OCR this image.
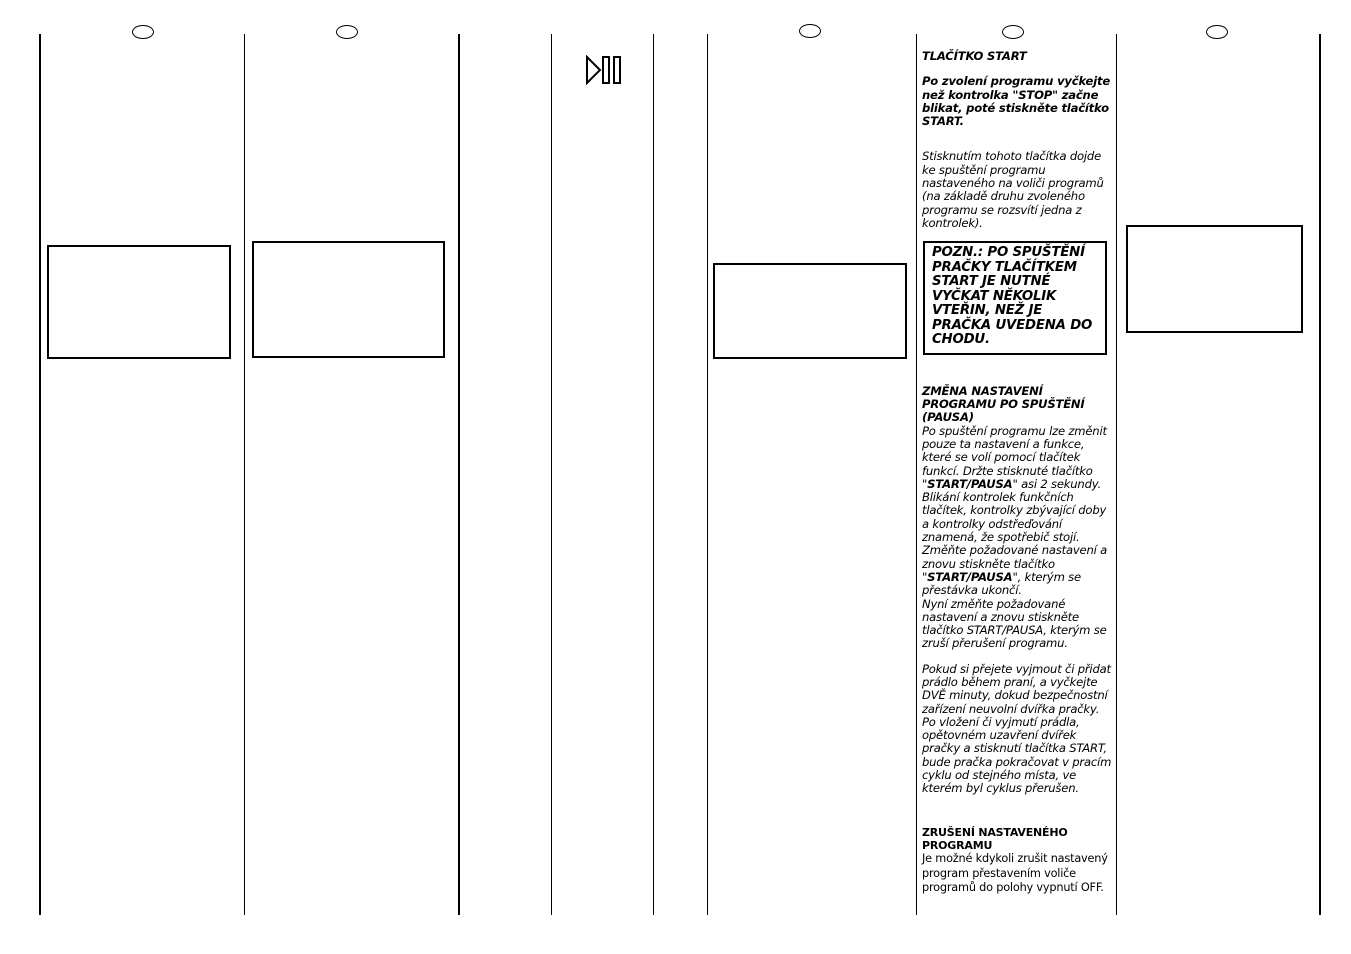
TLAČÍTKO START

Po zvolení programu vyčkejte než kontrolka "STOP" začne blikat, poté stiskněte tlačítko START.

Stisknutím tohoto tlačítka dojde ke spuštění programu nastaveného na voliči programů (na základě druhu zvoleného programu se rozsvítí jedna z kontrolek).

POZN.: PO SPUŠTĚNÍ PRAČKY TLAČÍTKEM START JE NUTNÉ VYČKAT NĚKOLIK VTEŘIN, NEŽ JE PRAČKA UVEDENA DO CHODU.

ZMĚNA NASTAVENÍ PROGRAMU PO SPUŠTĚNÍ (PAUSA)

Po spuštění programu lze změnit pouze ta nastavení a funkce, které se volí pomocí tlačítek funkcí. Držte stisknuté tlačítko "START/PAUSA" asi 2 sekundy. Blikání kontrolek funkčních tlačítek, kontrolky zbývající doby a kontrolky odstřeďování znamená, že spotřebič stojí. Změňte požadované nastavení a znovu stiskněte tlačítko "START/PAUSA", kterým se přestávka ukončí.

Nyní změňte požadované nastavení a znovu stiskněte tlačítko START/PAUSA, kterým se zruší přerušení programu.

Pokud si přejete vyjmout či přidat prádlo během praní, a vyčkejte DVĚ minuty, dokud bezpečnostní zařízení neuvolní dvířka pračky.

Po vložení či vyjmutí prádla, opětovném uzavření dvířek pračky a stisknutí tlačítka START, bude pračka pokračovat v pracím cyklu od stejného místa, ve kterém byl cyklus přerušen.

ZRUŠENÍ NASTAVENÉHO PROGRAMU

Je možné kdykoli zrušit nastavený program přestavením voliče programů do polohy vypnutí OFF.
